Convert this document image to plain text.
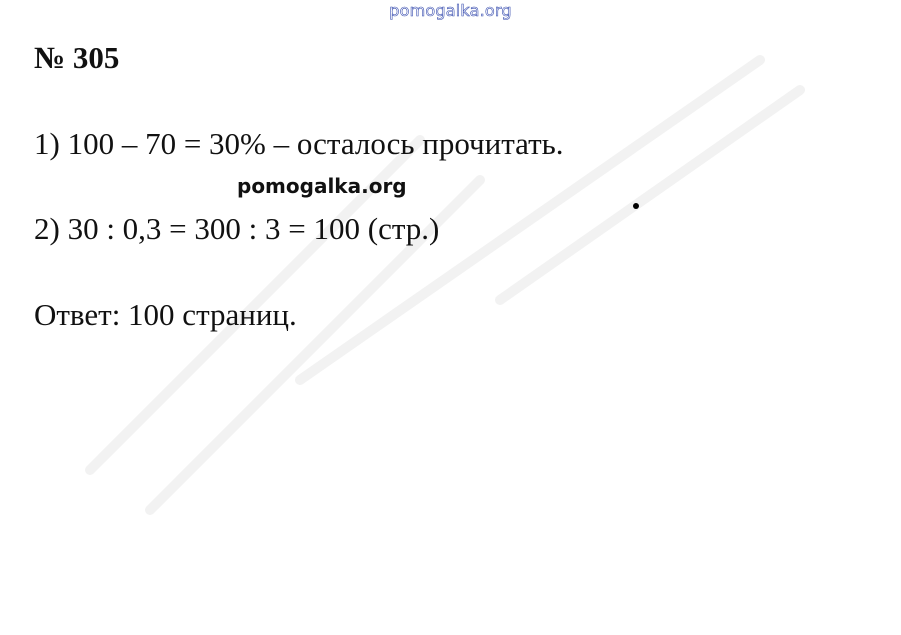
pomogalka.org
№ 305
1) 100 – 70 = 30% – осталось прочитать.
pomogalka.org
2) 30 : 0,3 = 300 : 3 = 100 (стр.)
Ответ: 100 страниц.
